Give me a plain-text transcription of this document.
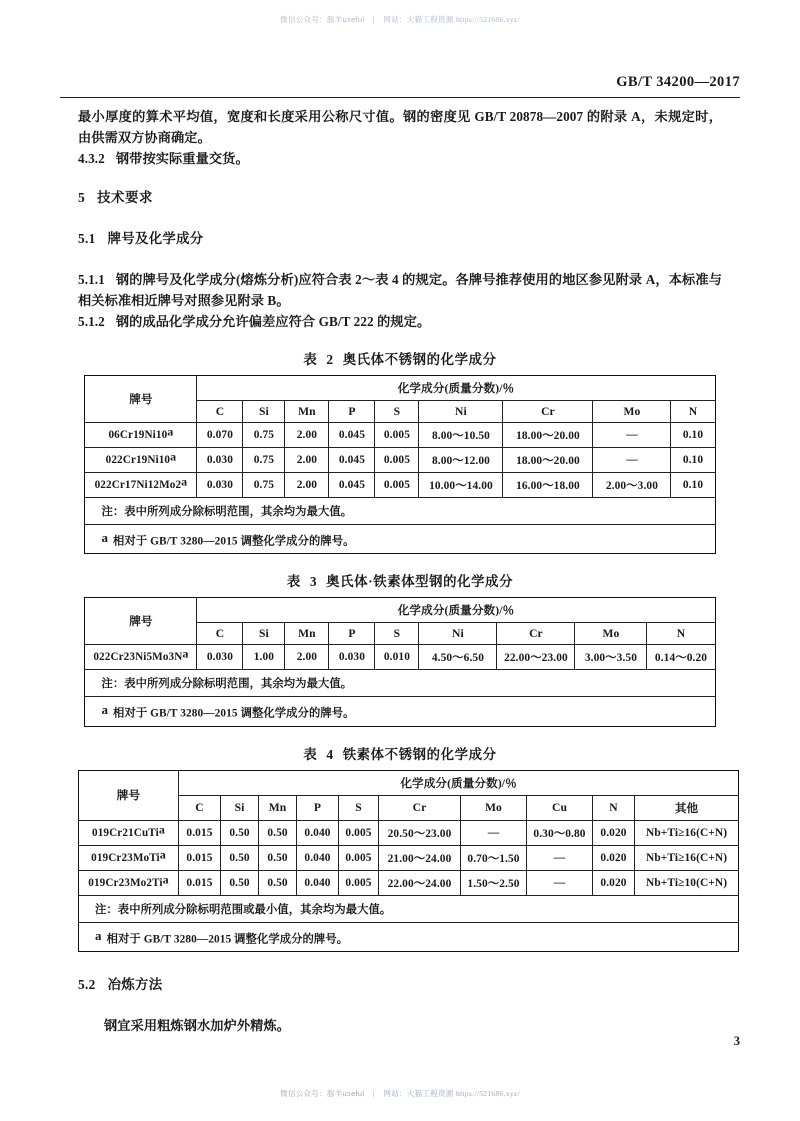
微信公众号：豚羊useful | 网站：大猫工程资源 https://521686.xyz/
GB/T 34200—2017

最小厚度的算术平均值，宽度和长度采用公称尺寸值。钢的密度见 GB/T 20878—2007 的附录 A，未规定时，由供需双方协商确定。

4.3.2 钢带按实际重量交货。

5 技术要求
5.1 牌号及化学成分

5.1.1 钢的牌号及化学成分(熔炼分析)应符合表 2～表 4 的规定。各牌号推荐使用的地区参见附录 A，本标准与相关标准相近牌号对照参见附录 B。

5.1.2 钢的成品化学成分允许偏差应符合 GB/T 222 的规定。

表 2 奥氏体不锈钢的化学成分
牌号	化学成分(质量分数)/％								
	C	Si	Mn	P	S	Ni	Cr	Mo	N
06Cr19Ni10$^a$	0.070	0.75	2.00	0.045	0.005	8.00～10.50	18.00～20.00	—	0.10
022Cr19Ni10$^a$	0.030	0.75	2.00	0.045	0.005	8.00～12.00	18.00～20.00	—	0.10
022Cr17Ni12Mo2$^a$	0.030	0.75	2.00	0.045	0.005	10.00～14.00	16.00～18.00	2.00～3.00	0.10
注：表中所列成分除标明范围，其余均为最大值。									
a 相对于 GB/T 3280—2015 调整化学成分的牌号。									
表 3 奥氏体·铁素体型钢的化学成分
牌号	化学成分(质量分数)/％								
	C	Si	Mn	P	S	Ni	Cr	Mo	N
$022Cr23Ni5Mo3N^a$	0.030	1.00	2.00	0.030	0.010	4.50～6.50	22.00～23.00	3.00～3.50	0.14～0.20
注：表中所列成分除标明范围，其余均为最大值。									
a 相对于 GB/T 3280—2015 调整化学成分的牌号。									
表 4 铁素体不锈钢的化学成分
牌号	化学成分(质量分数)/％									
	C	Si	Mn	P	S	Cr	Mo	Cu	N	其他
019Cr21CuTi$^a$	0.015	0.50	0.50	0.040	0.005	20.50～23.00	—	0.30～0.80	0.020	Nb+Ti≥16(C+N)
019Cr23MoTi$^a$	0.015	0.50	0.50	0.040	0.005	21.00～24.00	0.70～1.50	—	0.020	Nb+Ti≥16(C+N)
019Cr23Mo2Ti$^a$	0.015	0.50	0.50	0.040	0.005	22.00～24.00	1.50～2.50	—	0.020	Nb+Ti≥10(C+N)
注：表中所列成分除标明范围或最小值，其余均为最大值。										
a 相对于 GB/T 3280—2015 调整化学成分的牌号。										
5.2 冶炼方法

钢宜采用粗炼钢水加炉外精炼。

3
微信公众号：豚羊useful | 网站：大猫工程资源 https://521686.xyz/
